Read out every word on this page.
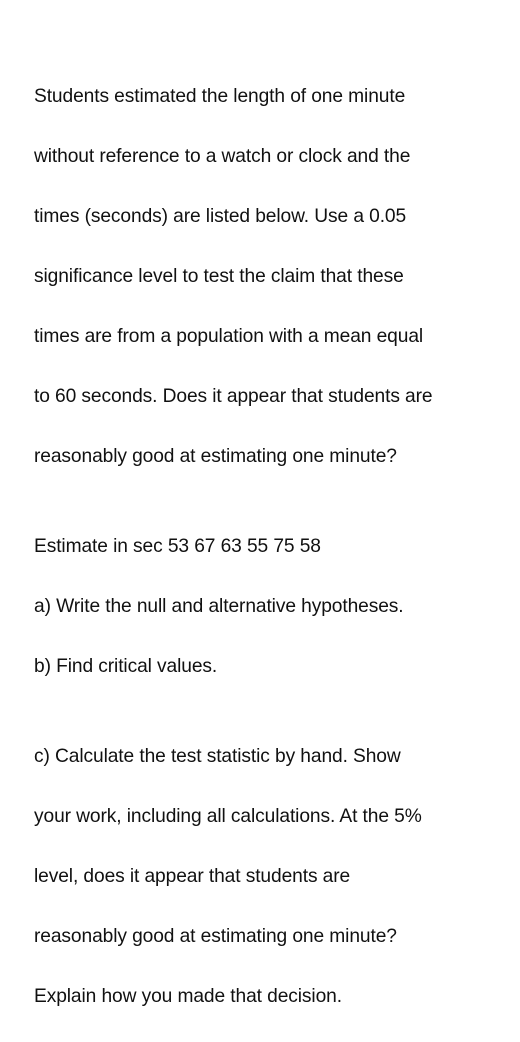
Students estimated the length of one minute

without reference to a watch or clock and the

times (seconds) are listed below. Use a 0.05

significance level to test the claim that these

times are from a population with a mean equal

to 60 seconds. Does it appear that students are

reasonably good at estimating one minute?

Estimate in sec 53 67 63 55 75 58
a) Write the null and alternative hypotheses.
b) Find critical values.

c) Calculate the test statistic by hand. Show

your work, including all calculations. At the 5%

level, does it appear that students are

reasonably good at estimating one minute?

Explain how you made that decision.
